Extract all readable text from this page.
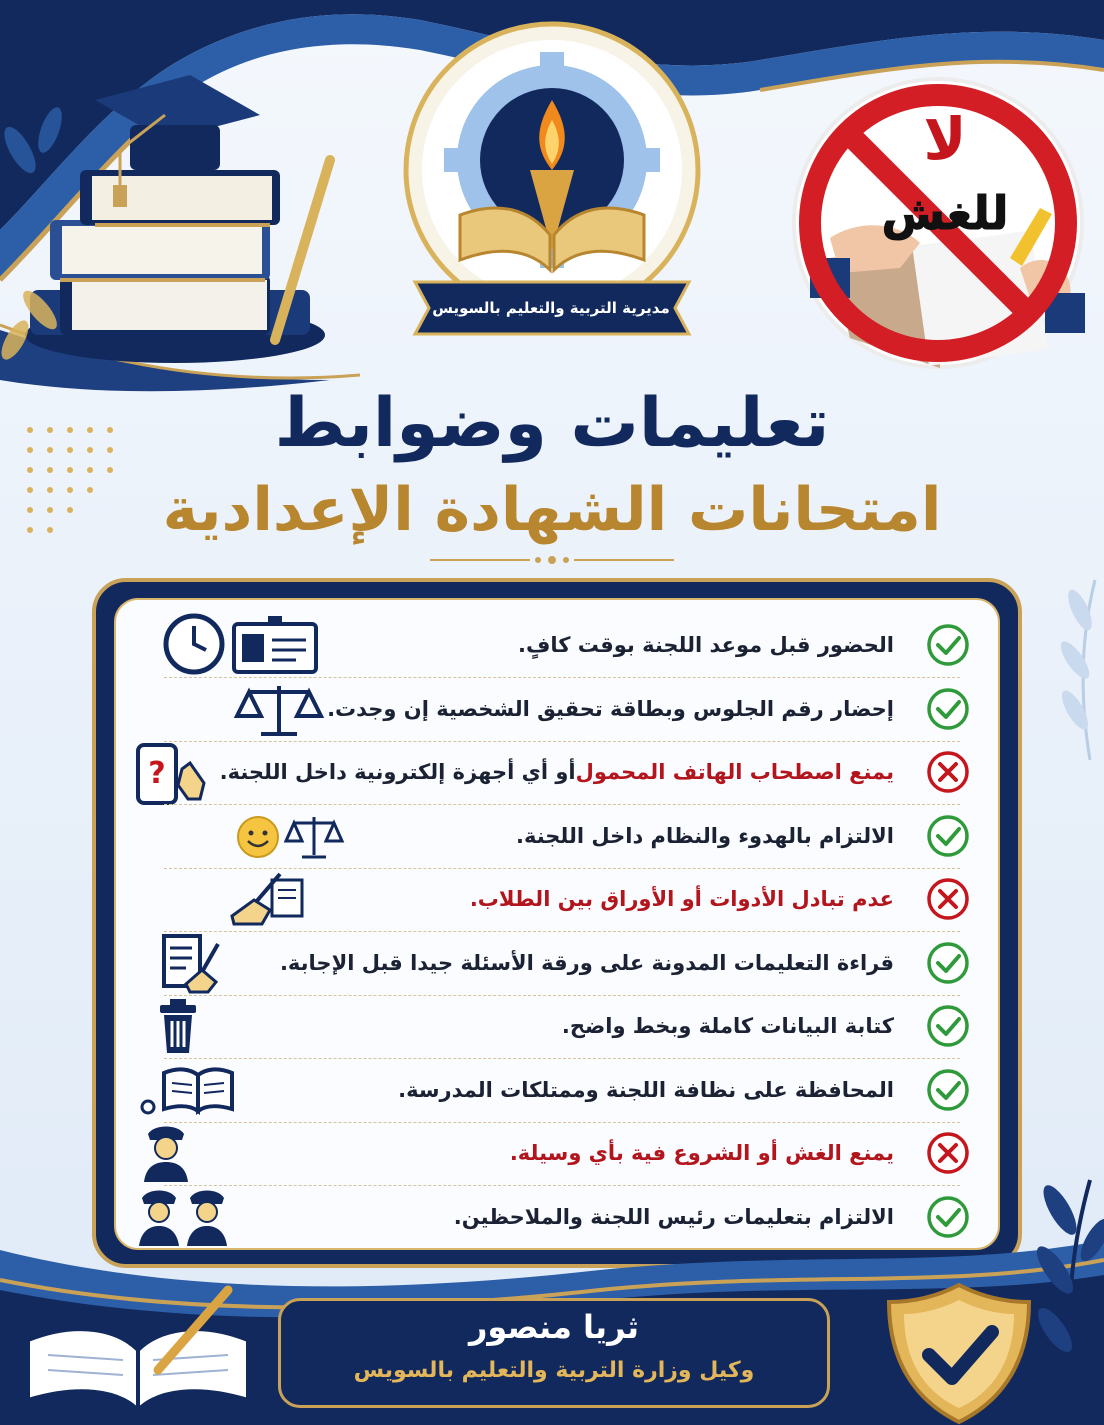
مديرية التربية والتعليم بالسويس
لا
للغش
تعليمات وضوابط
امتحانات الشهادة الإعدادية
الحضور قبل موعد اللجنة بوقت كافٍ.
إحضار رقم الجلوس وبطاقة تحقيق الشخصية إن وجدت.
?	يمنع اصطحاب الهاتف المحمول
أو أي أجهزة إلكترونية داخل اللجنة.
الالتزام بالهدوء والنظام داخل اللجنة.
عدم تبادل الأدوات أو الأوراق بين الطلاب.
قراءة التعليمات المدونة على ورقة الأسئلة جيدا قبل الإجابة.
كتابة البيانات كاملة وبخط واضح.
المحافظة على نظافة اللجنة وممتلكات المدرسة.
يمنع الغش أو الشروع فية بأي وسيلة.
الالتزام بتعليمات رئيس اللجنة والملاحظين.
ثريا منصور
وكيل وزارة التربية والتعليم بالسويس
